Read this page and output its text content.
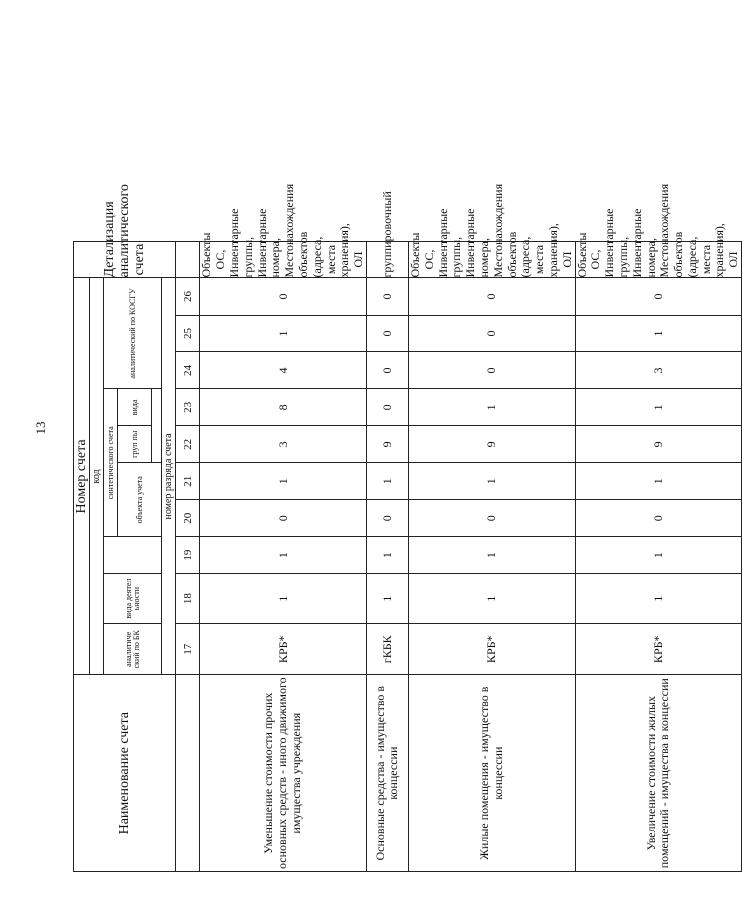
13
Наименование счета	Номер счета										Детализация аналитического счета
	код										
	аналитиче ский по БК	вида деятел ьности		синтетического счета				аналитический по КОСГУ			
				объекта учета		груп пы	вида				

	номер разряда счета										
	17	18	19	20	21	22	23	24	25	26	
Уменьшение стоимости прочих основных средств - иного движимого имущества учреждения	КРБ*	1	1	0	1	3	8	4	1	0	Объекты ОС, Инвентарные группы, Инвентарные номера, Местонахождения объектов (адреса, места хранения), ОЛ
Основные средства - имущество в концессии	гКБК	1	1	0	1	9	0	0	0	0	группировочный
Жилые помещения - имущество в концессии	КРБ*	1	1	0	1	9	1	0	0	0	Объекты ОС, Инвентарные группы, Инвентарные номера, Местонахождения объектов (адреса, места хранения), ОЛ
Увеличение стоимости жилых помещений - имущества в концессии	КРБ*	1	1	0	1	9	1	3	1	0	Объекты ОС, Инвентарные группы, Инвентарные номера, Местонахождения объектов (адреса, места хранения), ОЛ
